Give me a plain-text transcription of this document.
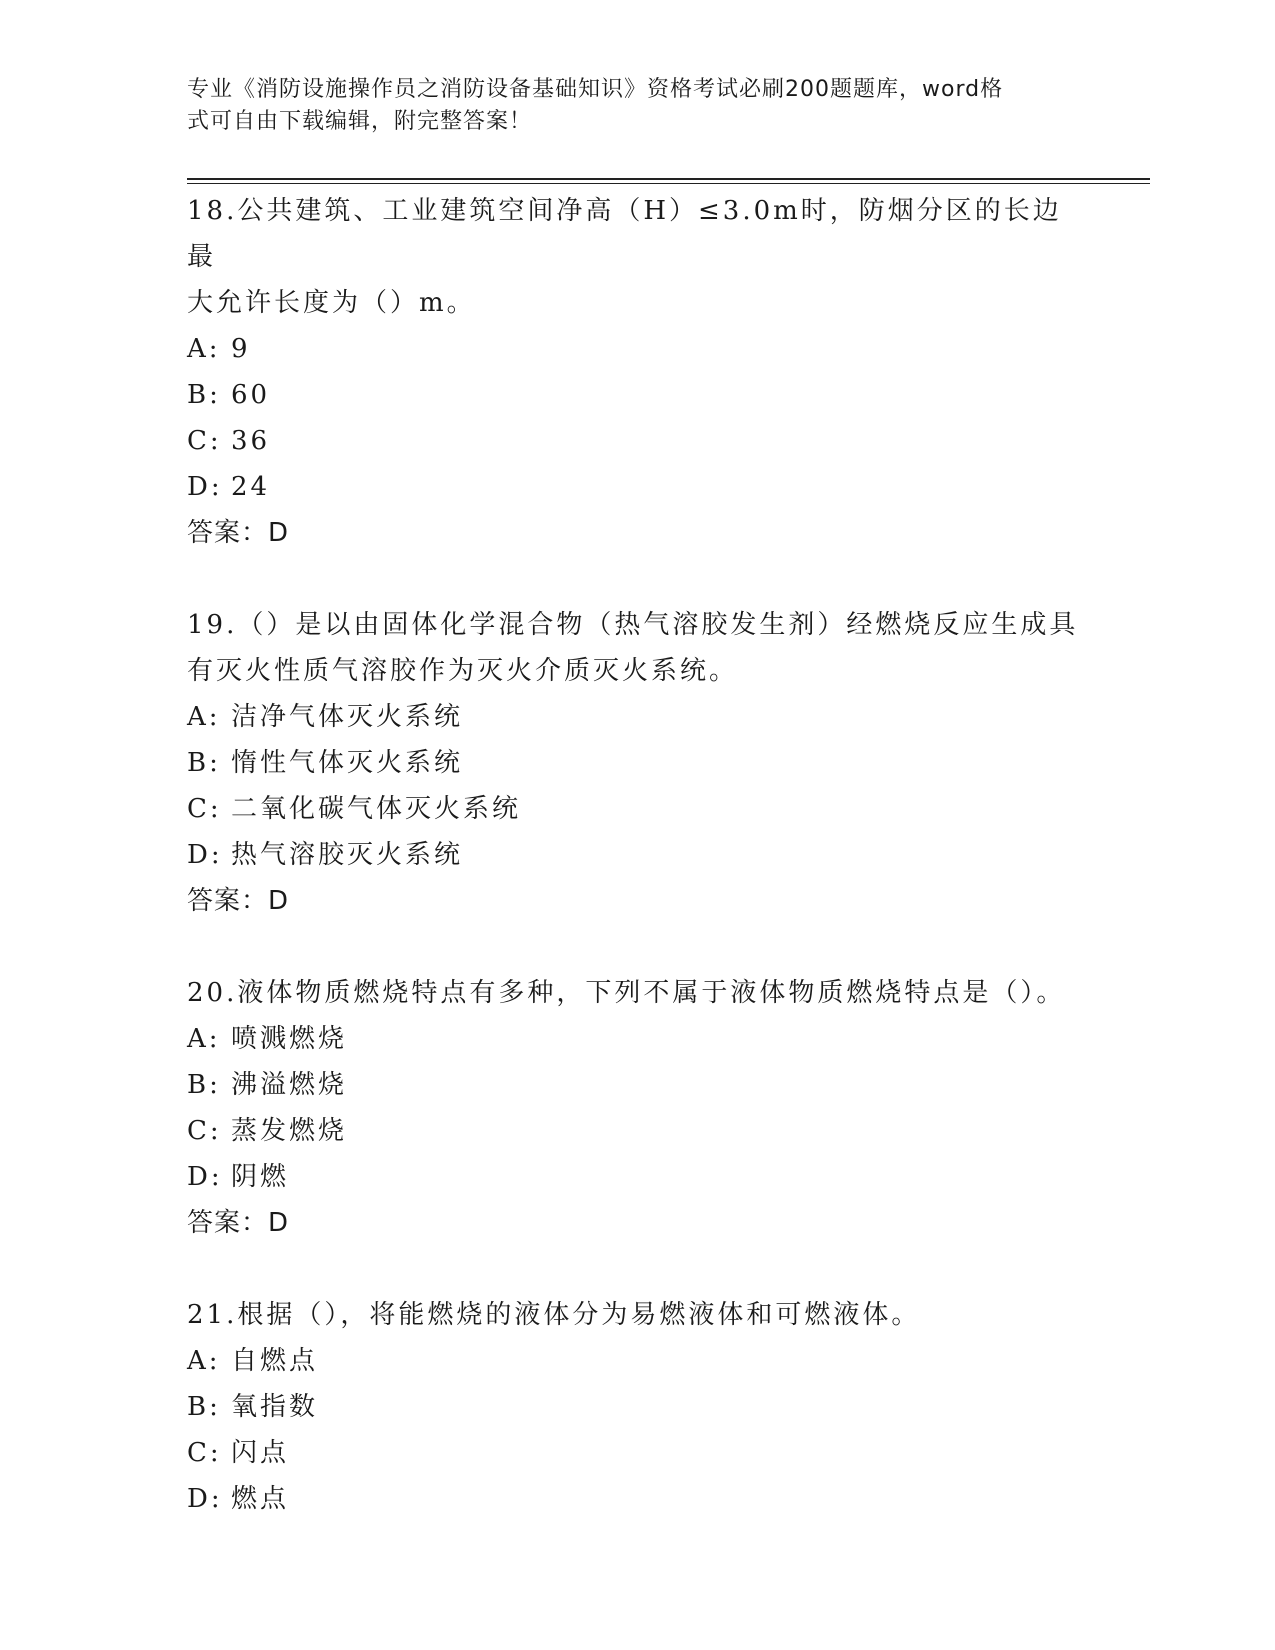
专业《消防设施操作员之消防设备基础知识》资格考试必刷200题题库，word格
式可自由下载编辑，附完整答案！

18.公共建筑、工业建筑空间净高（H）≤3.0m时，防烟分区的长边最
大允许长度为（）m。

A: 9

B: 60

C: 36

D: 24

答案：D

19.（）是以由固体化学混合物（热气溶胶发生剂）经燃烧反应生成具
有灭火性质气溶胶作为灭火介质灭火系统。

A: 洁净气体灭火系统

B: 惰性气体灭火系统

C: 二氧化碳气体灭火系统

D: 热气溶胶灭火系统

答案：D

20.液体物质燃烧特点有多种，下列不属于液体物质燃烧特点是（）。

A: 喷溅燃烧

B: 沸溢燃烧

C: 蒸发燃烧

D: 阴燃

答案：D

21.根据（），将能燃烧的液体分为易燃液体和可燃液体。

A: 自燃点

B: 氧指数

C: 闪点

D: 燃点
